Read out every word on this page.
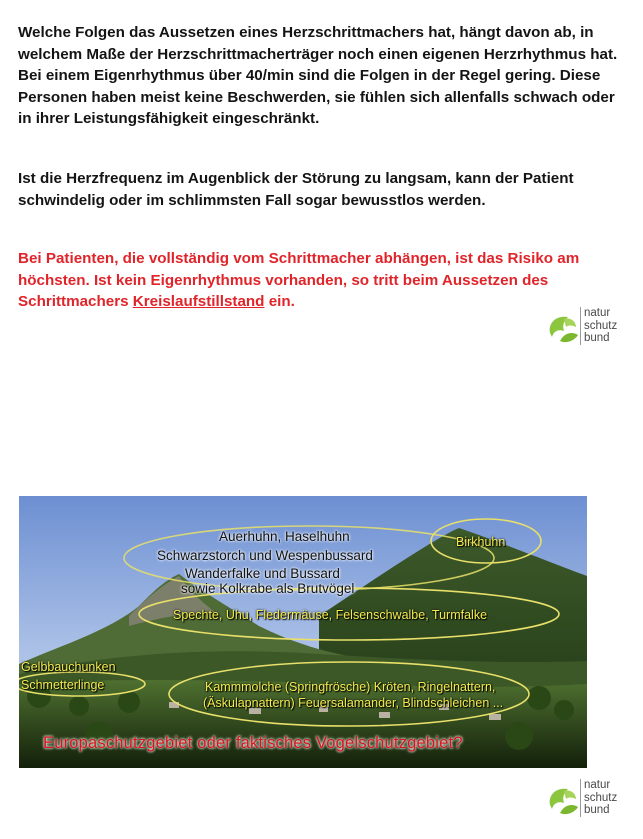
Welche Folgen das Aussetzen eines Herzschrittmachers hat, hängt davon ab, in welchem Maße der Herzschrittmacherträger noch einen eigenen Herzrhythmus hat. Bei einem Eigenrhythmus über 40/min sind die Folgen in der Regel gering. Diese Personen haben meist keine Beschwerden, sie fühlen sich allenfalls schwach oder in ihrer Leistungsfähigkeit eingeschränkt.

Ist die Herzfrequenz im Augenblick der Störung zu langsam, kann der Patient schwindelig oder im schlimmsten Fall sogar bewusstlos werden.

Bei Patienten, die vollständig vom Schrittmacher abhängen, ist das Risiko am höchsten. Ist kein Eigenrhythmus vorhanden, so tritt beim Aussetzen des Schrittmachers Kreislaufstillstand ein.

natur
schutz
bund
Auerhuhn, Haselhuhn
Schwarzstorch und Wespenbussard
Wanderfalke und Bussard
sowie Kolkrabe als Brutvögel
Birkhuhn
Spechte, Uhu, Fledermäuse, Felsenschwalbe, Turmfalke
Gelbbauchunken
Schmetterlinge	Kammmolche (Springfrösche) Kröten, Ringelnattern,
(Äskulapnattern) Feuersalamander, Blindschleichen ...
Europaschutzgebiet oder faktisches Vogelschutzgebiet?
natur
schutz
bund
